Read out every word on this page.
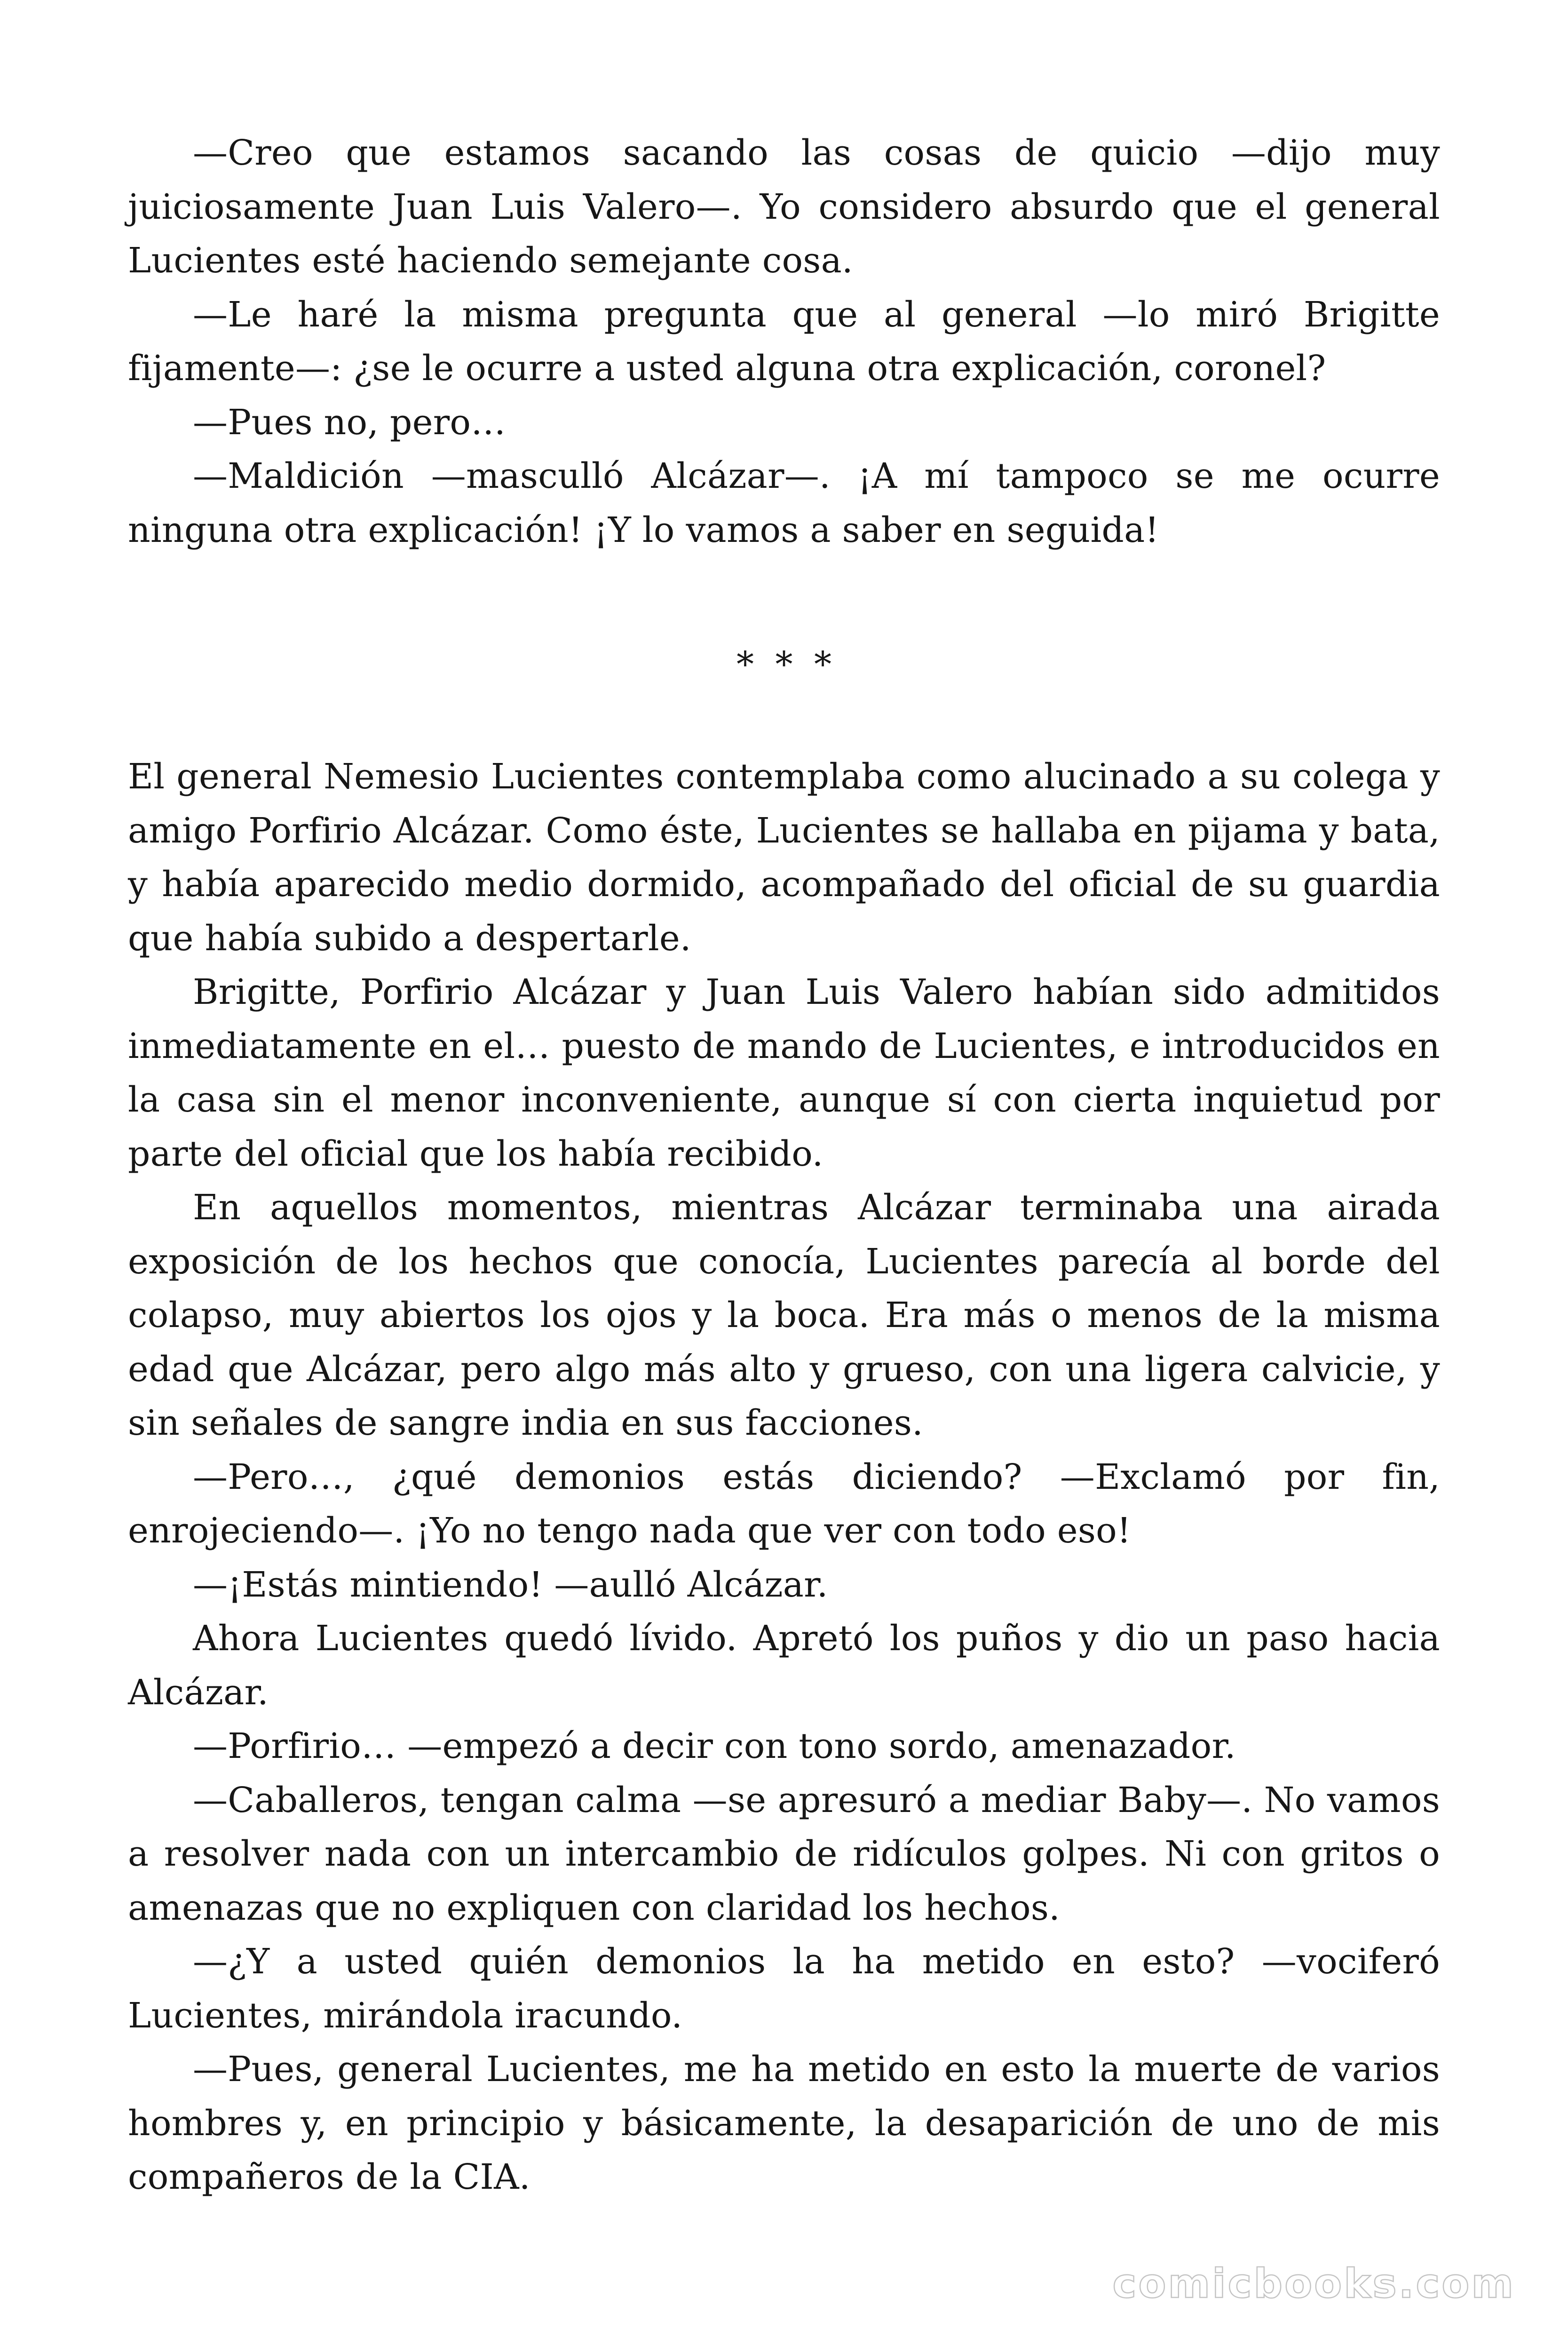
—Creo que estamos sacando las cosas de quicio —dijo muy juiciosamente Juan Luis Valero—. Yo considero absurdo que el general Lucientes esté haciendo semejante cosa.

—Le haré la misma pregunta que al general —lo miró Brigitte fijamente—: ¿se le ocurre a usted alguna otra explicación, coronel?

—Pues no, pero…

—Maldición —masculló Alcázar—. ¡A mí tampoco se me ocurre ninguna otra explicación! ¡Y lo vamos a saber en seguida!

* * *

El general Nemesio Lucientes contemplaba como alucinado a su colega y amigo Porfirio Alcázar. Como éste, Lucientes se hallaba en pijama y bata, y había aparecido medio dormido, acompañado del oficial de su guardia que había subido a despertarle.

Brigitte, Porfirio Alcázar y Juan Luis Valero habían sido admitidos inmediatamente en el… puesto de mando de Lucientes, e introducidos en la casa sin el menor inconveniente, aunque sí con cierta inquietud por parte del oficial que los había recibido.

En aquellos momentos, mientras Alcázar terminaba una airada exposición de los hechos que conocía, Lucientes parecía al borde del colapso, muy abiertos los ojos y la boca. Era más o menos de la misma edad que Alcázar, pero algo más alto y grueso, con una ligera calvicie, y sin señales de sangre india en sus facciones.

—Pero…, ¿qué demonios estás diciendo? —Exclamó por fin, enrojeciendo—. ¡Yo no tengo nada que ver con todo eso!

—¡Estás mintiendo! —aulló Alcázar.

Ahora Lucientes quedó lívido. Apretó los puños y dio un paso hacia Alcázar.

—Porfirio… —empezó a decir con tono sordo, amenazador.

—Caballeros, tengan calma —se apresuró a mediar Baby—. No vamos a resolver nada con un intercambio de ridículos golpes. Ni con gritos o amenazas que no expliquen con claridad los hechos.

—¿Y a usted quién demonios la ha metido en esto? —vociferó Lucientes, mirándola iracundo.

—Pues, general Lucientes, me ha metido en esto la muerte de varios hombres y, en principio y básicamente, la desaparición de uno de mis compañeros de la CIA.

comicbooks.com
